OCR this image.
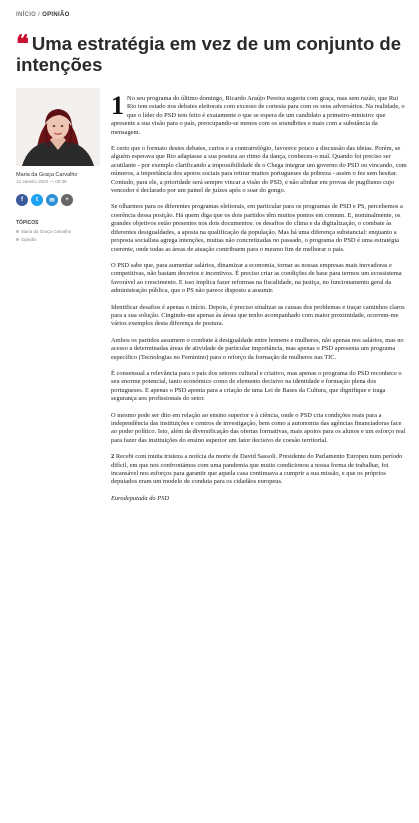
INÍCIO / OPINIÃO
❝ Uma estratégia em vez de um conjunto de intenções
Maria da Graça Carvalho
12 Janeiro 2022 — 00:39
f	t	✉	+
TÓPICOS
Maria da Graça Carvalho
Opinião

1 No seu programa do último domingo, Ricardo Araújo Pereira sugeriu com graça, mas sem razão, que Rui Rio tem estado nos debates eleitorais com excesso de cortesia para com os seus adversários. Na realidade, o que o líder do PSD tem feito é exatamente o que se espera de um candidato a primeiro-ministro: que apresente a sua visão para o país, preocupando-se menos com os soundbites e mais com a substância da mensagem.

E certo que o formato destes debates, curtos e a contrarrelógio, favorece pouco a discussão das ideias. Porém, se alguém esperava que Rio adaptasse a sua postura ao ritmo da dança, conheceu-o mal. Quando foi preciso ser acutilante - por exemplo clarificando a impossibilidade de o Chega integrar um governo do PSD ou vincando, com números, a importância dos apoios sociais para retirar muitos portugueses da pobreza - assim o fez sem hesitar. Contudo, para ele, a prioridade será sempre vincar a visão do PSD, e não alinhar em provas de pugilismo cujo vencedor é declarado por um painel de juízes após o soar do gongo.

Se olharmos para os diferentes programas eleitorais, em particular para os programas de PSD e PS, percebemos a coerência dessa posição. Há quem diga que os dois partidos têm muitos pontos em comum. E, nominalmente, os grandes objetivos estão presentes nos dois documentos: os desafios do clima e da digitalização, o combate às diferentes desigualdades, a aposta na qualificação da população. Mas há uma diferença substancial: enquanto a proposta socialista agrega intenções, muitas não concretizadas no passado, o programa do PSD é uma estratégia coerente, onde todas as áreas de atuação contribuem para o mesmo fim de melhorar o país.

O PSD sabe que, para aumentar salários, dinamizar a economia, tornar as nossas empresas mais inovadoras e competitivas, não bastam decretos e incentivos. É preciso criar as condições de base para termos um ecossistema favorável ao crescimento. E isso implica fazer reformas na fiscalidade, na justiça, no funcionamento geral da administração pública, que o PS não parece disposto a assumir.

Identificar desafios é apenas o início. Depois, é preciso sinalizar as causas dos problemas e traçar caminhos claros para a sua solução. Cingindo-me apenas às áreas que tenho acompanhado com maior proximidade, ocorrem-me vários exemplos desta diferença de postura.

Ambos os partidos assumem o combate à desigualdade entre homens e mulheres, não apenas nos salários, mas no acesso a determinadas áreas de atividade de particular importância, mas apenas o PSD apresenta um programa específico (Tecnologias no Feminino) para o reforço da formação de mulheres nas TIC.

É consensual a relevância para o país dos setores cultural e criativo, mas apenas o programa do PSD reconhece o seu enorme potencial, tanto económico como de elemento decisivo na identidade e formação plena dos portugueses. E apenas o PSD aponta para a criação de uma Lei de Bases da Cultura, que dignifique e traga segurança aos profissionais do setor.

O mesmo pode ser dito em relação ao ensino superior e à ciência, onde o PSD cria condições reais para a independência das instituições e centros de investigação, bem como a autonomia das agências financiadoras face ao poder político. Isto, além da diversificação das ofertas formativas, mais apoios para os alunos e um esforço real para fazer das instituições do ensino superior um fator decisivo de coesão territorial.

2 Recebi com muita tristeza a notícia da morte de David Sassoli. Presidente do Parlamento Europeu num período difícil, em que nos confrontámos com uma pandemia que muito condicionou a nossa forma de trabalhar, foi incansável nos esforços para garantir que aquela casa continuava a cumprir a sua missão, e que os próprios deputados eram um modelo de conduta para os cidadãos europeus.

Eurodeputada do PSD
